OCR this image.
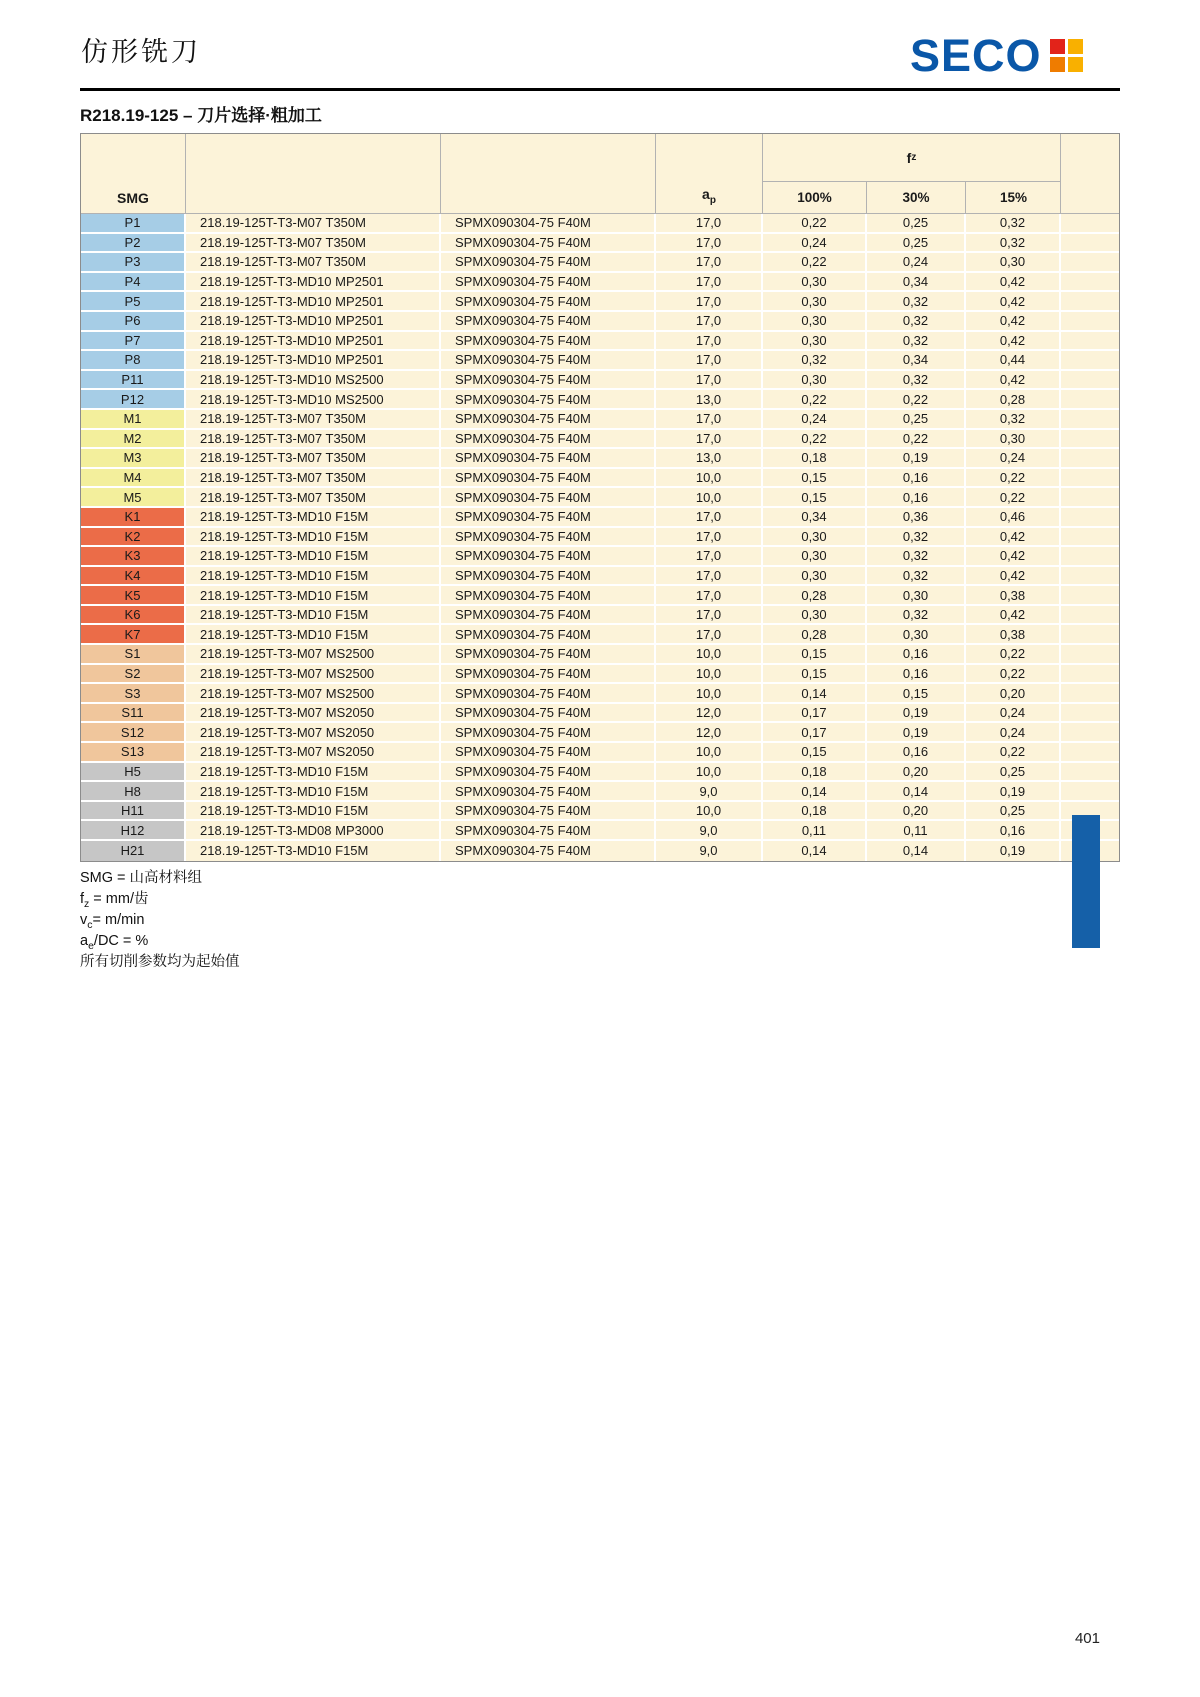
仿形铣刀	SECO
R218.19-125 – 刀片选择·粗加工
SMG	$a_p$
f z
100%	30%	15%
P1	218.19-125T-T3-M07 T350M	SPMX090304-75 F40M	17,0	0,22	0,25	0,32
P2	218.19-125T-T3-M07 T350M	SPMX090304-75 F40M	17,0	0,24	0,25	0,32
P3	218.19-125T-T3-M07 T350M	SPMX090304-75 F40M	17,0	0,22	0,24	0,30
P4	218.19-125T-T3-MD10 MP2501	SPMX090304-75 F40M	17,0	0,30	0,34	0,42
P5	218.19-125T-T3-MD10 MP2501	SPMX090304-75 F40M	17,0	0,30	0,32	0,42
P6	218.19-125T-T3-MD10 MP2501	SPMX090304-75 F40M	17,0	0,30	0,32	0,42
P7	218.19-125T-T3-MD10 MP2501	SPMX090304-75 F40M	17,0	0,30	0,32	0,42
P8	218.19-125T-T3-MD10 MP2501	SPMX090304-75 F40M	17,0	0,32	0,34	0,44
P11	218.19-125T-T3-MD10 MS2500	SPMX090304-75 F40M	17,0	0,30	0,32	0,42
P12	218.19-125T-T3-MD10 MS2500	SPMX090304-75 F40M	13,0	0,22	0,22	0,28
M1	218.19-125T-T3-M07 T350M	SPMX090304-75 F40M	17,0	0,24	0,25	0,32
M2	218.19-125T-T3-M07 T350M	SPMX090304-75 F40M	17,0	0,22	0,22	0,30
M3	218.19-125T-T3-M07 T350M	SPMX090304-75 F40M	13,0	0,18	0,19	0,24
M4	218.19-125T-T3-M07 T350M	SPMX090304-75 F40M	10,0	0,15	0,16	0,22
M5	218.19-125T-T3-M07 T350M	SPMX090304-75 F40M	10,0	0,15	0,16	0,22
K1	218.19-125T-T3-MD10 F15M	SPMX090304-75 F40M	17,0	0,34	0,36	0,46
K2	218.19-125T-T3-MD10 F15M	SPMX090304-75 F40M	17,0	0,30	0,32	0,42
K3	218.19-125T-T3-MD10 F15M	SPMX090304-75 F40M	17,0	0,30	0,32	0,42
K4	218.19-125T-T3-MD10 F15M	SPMX090304-75 F40M	17,0	0,30	0,32	0,42
K5	218.19-125T-T3-MD10 F15M	SPMX090304-75 F40M	17,0	0,28	0,30	0,38
K6	218.19-125T-T3-MD10 F15M	SPMX090304-75 F40M	17,0	0,30	0,32	0,42
K7	218.19-125T-T3-MD10 F15M	SPMX090304-75 F40M	17,0	0,28	0,30	0,38
S1	218.19-125T-T3-M07 MS2500	SPMX090304-75 F40M	10,0	0,15	0,16	0,22
S2	218.19-125T-T3-M07 MS2500	SPMX090304-75 F40M	10,0	0,15	0,16	0,22
S3	218.19-125T-T3-M07 MS2500	SPMX090304-75 F40M	10,0	0,14	0,15	0,20
S11	218.19-125T-T3-M07 MS2050	SPMX090304-75 F40M	12,0	0,17	0,19	0,24
S12	218.19-125T-T3-M07 MS2050	SPMX090304-75 F40M	12,0	0,17	0,19	0,24
S13	218.19-125T-T3-M07 MS2050	SPMX090304-75 F40M	10,0	0,15	0,16	0,22
H5	218.19-125T-T3-MD10 F15M	SPMX090304-75 F40M	10,0	0,18	0,20	0,25
H8	218.19-125T-T3-MD10 F15M	SPMX090304-75 F40M	9,0	0,14	0,14	0,19
H11	218.19-125T-T3-MD10 F15M	SPMX090304-75 F40M	10,0	0,18	0,20	0,25
H12	218.19-125T-T3-MD08 MP3000	SPMX090304-75 F40M	9,0	0,11	0,11	0,16
H21	218.19-125T-T3-MD10 F15M	SPMX090304-75 F40M	9,0	0,14	0,14	0,19
SMG = 山高材料组
$f_z = mm/$齿
$v_c= m/\min$
$a_e/DC$ = %
所有切削参数均为起始值
401
